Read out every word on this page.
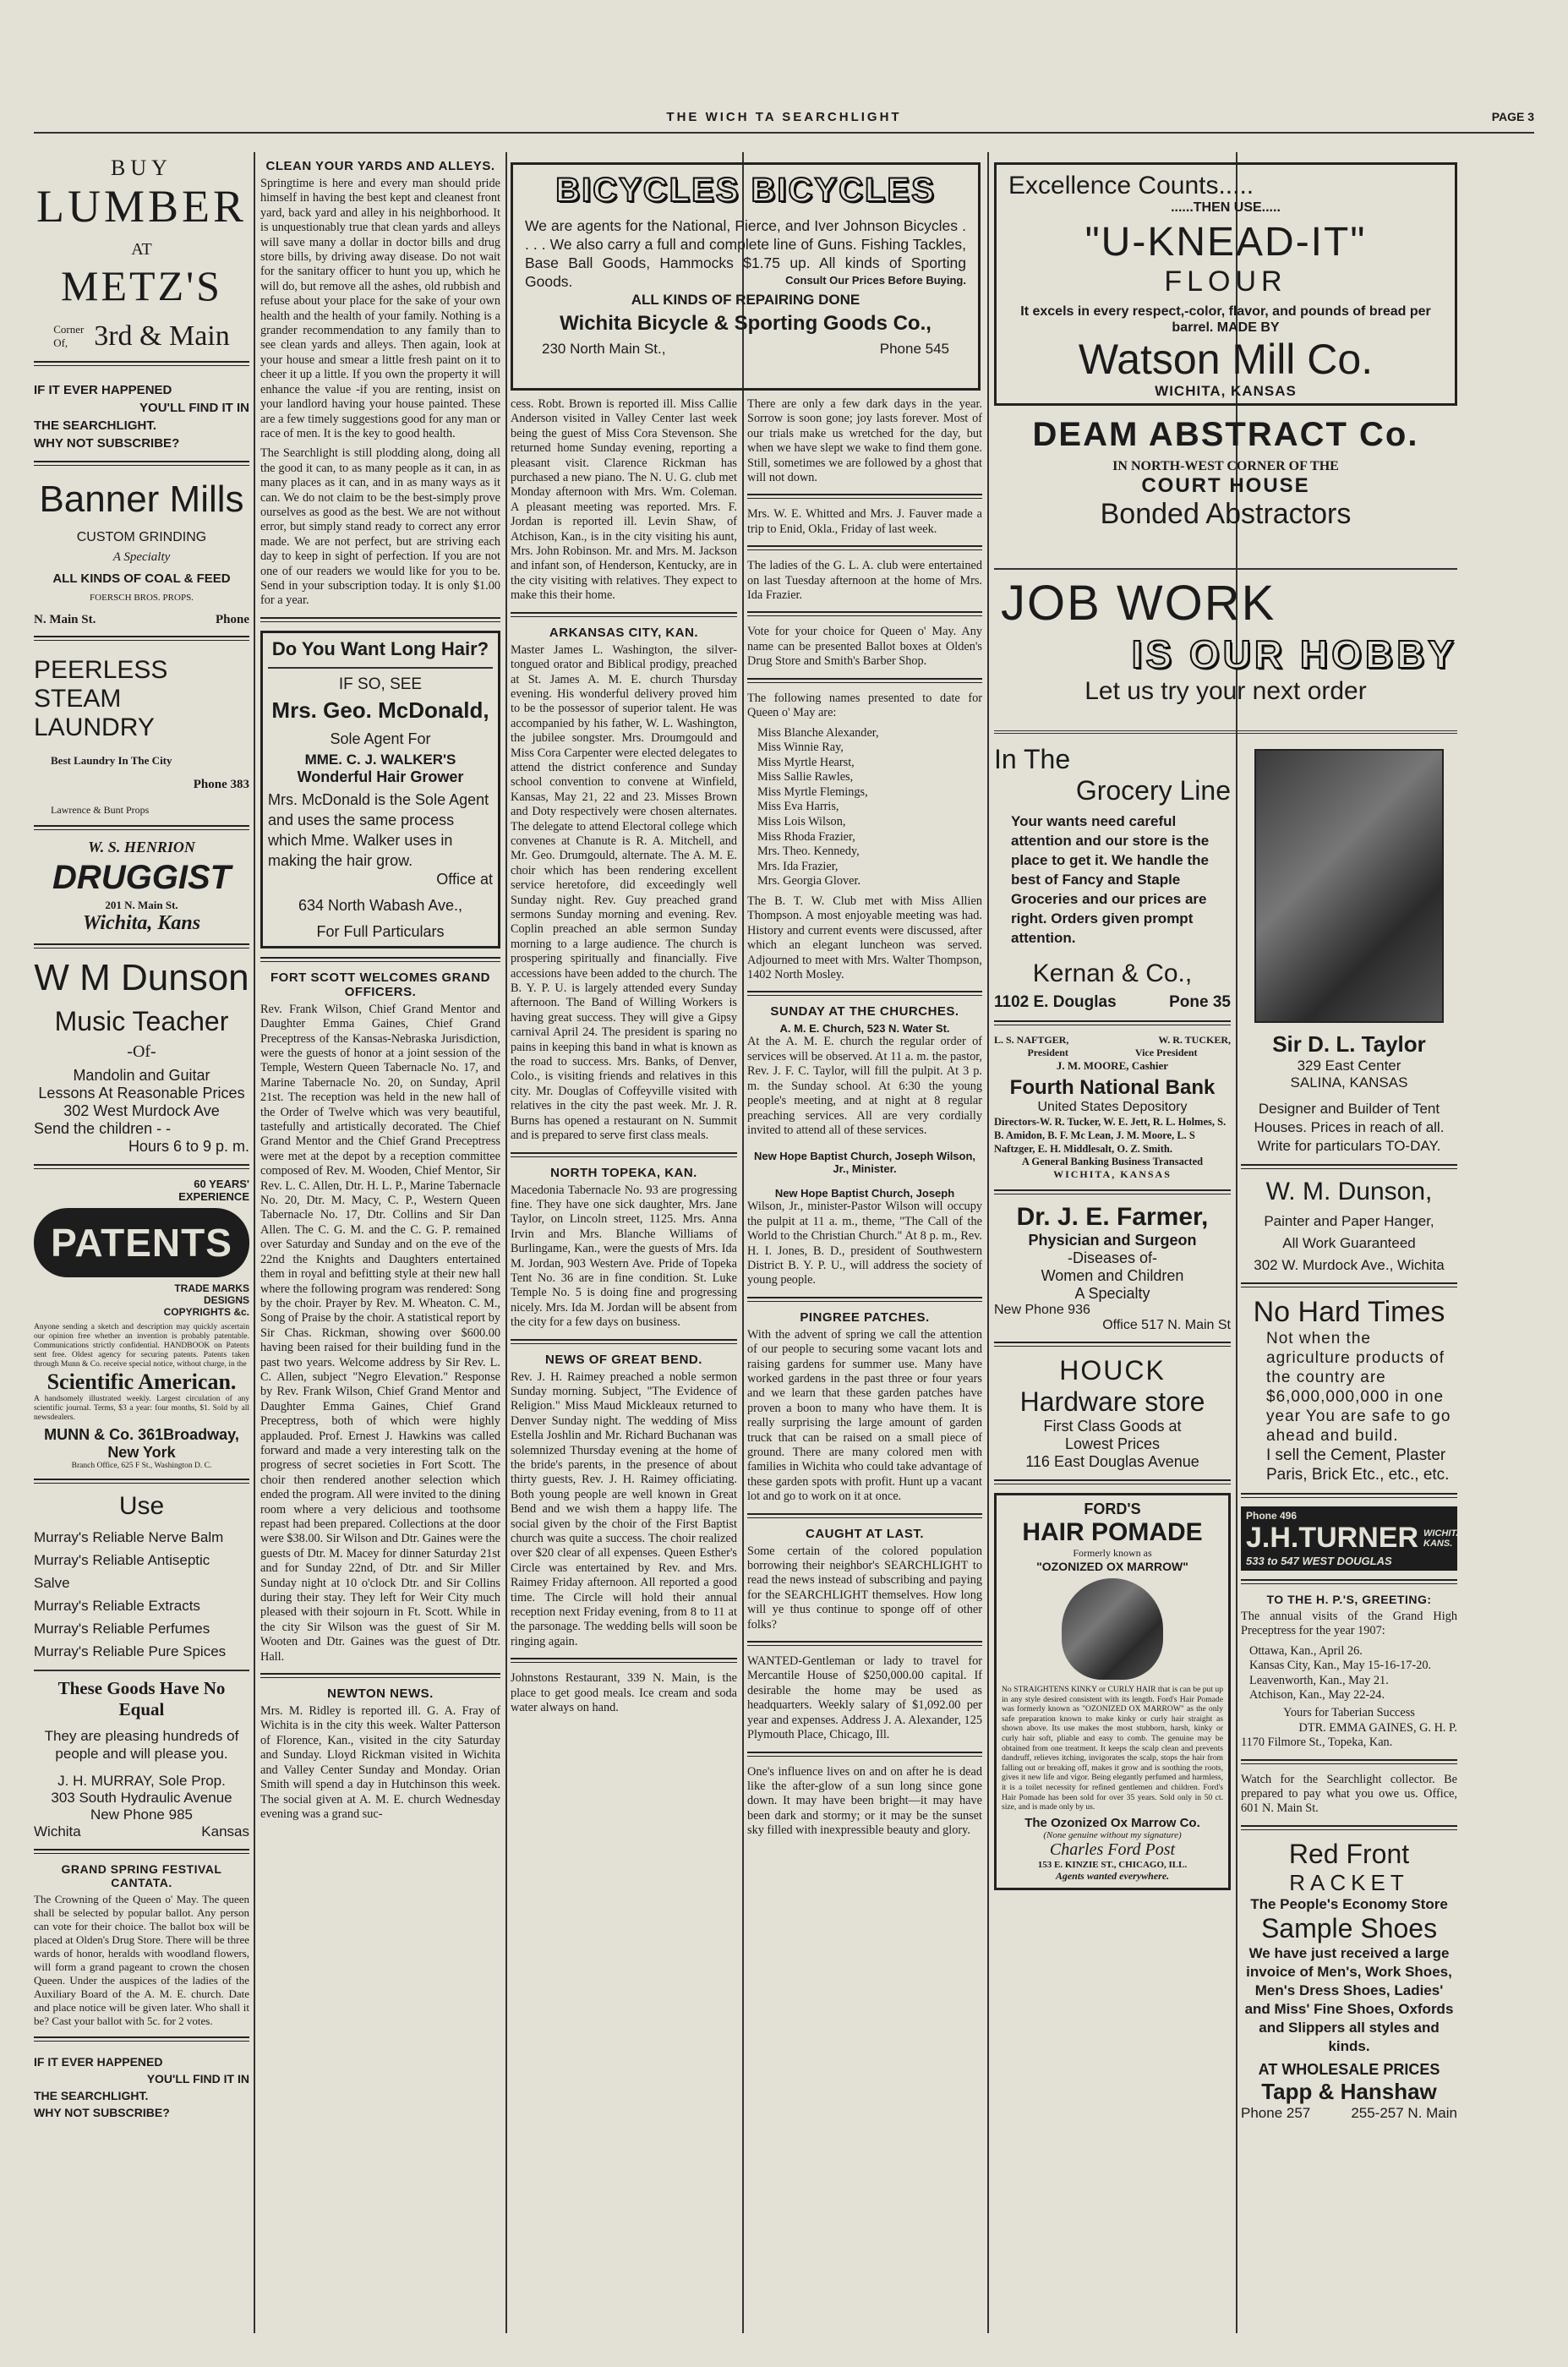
THE WICH TA SEARCHLIGHT	PAGE 3
BUY
LUMBER
AT
METZ'S
Corner Of, 3rd & Main
IF IT EVER HAPPENED
YOU'LL FIND IT IN
THE SEARCHLIGHT.
WHY NOT SUBSCRIBE?
Banner Mills
CUSTOM GRINDING
A Specialty
ALL KINDS OF COAL & FEED
FOERSCH BROS. PROPS.
N. Main St.	Phone
PEERLESS
STEAM
LAUNDRY
Best Laundry In The City
Phone 383
Lawrence & Bunt Props
W. S. HENRION
DRUGGIST
201 N. Main St.
Wichita, Kans
W M Dunson
Music Teacher
-Of-
Mandolin and Guitar
Lessons At Reasonable Prices
302 West Murdock Ave
Send the children - -
Hours 6 to 9 p. m.
60 YEARS' EXPERIENCE
PATENTS
TRADE MARKS DESIGNS COPYRIGHTS &c.
Anyone sending a sketch and description may quickly ascertain our opinion free whether an invention is probably patentable. Communications strictly confidential. HANDBOOK on Patents sent free. Oldest agency for securing patents. Patents taken through Munn & Co. receive special notice, without charge, in the
Scientific American.
A handsomely illustrated weekly. Largest circulation of any scientific journal. Terms, $3 a year: four months, $1. Sold by all newsdealers.
MUNN & Co. 361Broadway, New York
Branch Office, 625 F St., Washington D. C.
Use
Murray's Reliable Nerve Balm
Murray's Reliable Antiseptic Salve
Murray's Reliable Extracts
Murray's Reliable Perfumes
Murray's Reliable Pure Spices
These Goods Have No Equal
They are pleasing hundreds of people and will please you.
J. H. MURRAY, Sole Prop.
303 South Hydraulic Avenue
New Phone 985
Wichita	Kansas
GRAND SPRING FESTIVAL CANTATA.
The Crowning of the Queen o' May. The queen shall be selected by popular ballot. Any person can vote for their choice. The ballot box will be placed at Olden's Drug Store. There will be three wards of honor, heralds with woodland flowers, will form a grand pageant to crown the chosen Queen. Under the auspices of the ladies of the Auxiliary Board of the A. M. E. church. Date and place notice will be given later. Who shall it be? Cast your ballot with 5c. for 2 votes.
IF IT EVER HAPPENED
YOU'LL FIND IT IN
THE SEARCHLIGHT.
WHY NOT SUBSCRIBE?
CLEAN YOUR YARDS AND ALLEYS.
Springtime is here and every man should pride himself in having the best kept and cleanest front yard, back yard and alley in his neighborhood. It is unquestionably true that clean yards and alleys will save many a dollar in doctor bills and drug store bills, by driving away disease. Do not wait for the sanitary officer to hunt you up, which he will do, but remove all the ashes, old rubbish and refuse about your place for the sake of your own health and the health of your family. Nothing is a grander recommendation to any family than to see clean yards and alleys. Then again, look at your house and smear a little fresh paint on it to cheer it up a little. If you own the property it will enhance the value -if you are renting, insist on your landlord having your house painted. These are a few timely suggestions good for any man or race of men. It is the key to good health.
The Searchlight is still plodding along, doing all the good it can, to as many people as it can, in as many places as it can, and in as many ways as it can. We do not claim to be the best-simply prove ourselves as good as the best. We are not without error, but simply stand ready to correct any error made. We are not perfect, but are striving each day to keep in sight of perfection. If you are not one of our readers we would like for you to be. Send in your subscription today. It is only $1.00 for a year.
Do You Want Long Hair?
IF SO, SEE
Mrs. Geo. McDonald,
Sole Agent For
MME. C. J. WALKER'S
Wonderful Hair Grower
Mrs. McDonald is the Sole Agent and uses the same process which Mme. Walker uses in making the hair grow.
Office at
634 North Wabash Ave.,
For Full Particulars
FORT SCOTT WELCOMES GRAND OFFICERS.
Rev. Frank Wilson, Chief Grand Mentor and Daughter Emma Gaines, Chief Grand Preceptress of the Kansas-Nebraska Jurisdiction, were the guests of honor at a joint session of the Temple, Western Queen Tabernacle No. 17, and Marine Tabernacle No. 20, on Sunday, April 21st. The reception was held in the new hall of the Order of Twelve which was very beautiful, tastefully and artistically decorated. The Chief Grand Mentor and the Chief Grand Preceptress were met at the depot by a reception committee composed of Rev. M. Wooden, Chief Mentor, Sir Rev. L. C. Allen, Dtr. H. L. P., Marine Tabernacle No. 20, Dtr. M. Macy, C. P., Western Queen Tabernacle No. 17, Dtr. Collins and Sir Dan Allen. The C. G. M. and the C. G. P. remained over Saturday and Sunday and on the eve of the 22nd the Knights and Daughters entertained them in royal and befitting style at their new hall where the following program was rendered: Song by the choir. Prayer by Rev. M. Wheaton. C. M., Song of Praise by the choir. A statistical report by Sir Chas. Rickman, showing over $600.00 having been raised for their building fund in the past two years. Welcome address by Sir Rev. L. C. Allen, subject "Negro Elevation." Response by Rev. Frank Wilson, Chief Grand Mentor and Daughter Emma Gaines, Chief Grand Preceptress, both of which were highly applauded. Prof. Ernest J. Hawkins was called forward and made a very interesting talk on the progress of secret societies in Fort Scott. The choir then rendered another selection which ended the program. All were invited to the dining room where a very delicious and toothsome repast had been prepared. Collections at the door were $38.00. Sir Wilson and Dtr. Gaines were the guests of Dtr. M. Macey for dinner Saturday 21st and for Sunday 22nd, of Dtr. and Sir Miller Sunday night at 10 o'clock Dtr. and Sir Collins during their stay. They left for Weir City much pleased with their sojourn in Ft. Scott. While in the city Sir Wilson was the guest of Sir M. Wooten and Dtr. Gaines was the guest of Dtr. Hall.
NEWTON NEWS.
Mrs. M. Ridley is reported ill. G. A. Fray of Wichita is in the city this week. Walter Patterson of Florence, Kan., visited in the city Saturday and Sunday. Lloyd Rickman visited in Wichita and Valley Center Sunday and Monday. Orian Smith will spend a day in Hutchinson this week. The social given at A. M. E. church Wednesday evening was a grand suc-
BICYCLES BICYCLES
We are agents for the National, Pierce, and Iver Johnson Bicycles . . . . We also carry a full and complete line of Guns. Fishing Tackles, Base Ball Goods, Hammocks $1.75 up. All kinds of Sporting Goods.	Consult Our Prices Before Buying.
ALL KINDS OF REPAIRING DONE
Wichita Bicycle & Sporting Goods Co.,
230 North Main St.,	Phone 545
cess. Robt. Brown is reported ill. Miss Callie Anderson visited in Valley Center last week being the guest of Miss Cora Stevenson. She returned home Sunday evening, reporting a pleasant visit. Clarence Rickman has purchased a new piano. The N. U. G. club met Monday afternoon with Mrs. Wm. Coleman. A pleasant meeting was reported. Mrs. F. Jordan is reported ill. Levin Shaw, of Atchison, Kan., is in the city visiting his aunt, Mrs. John Robinson. Mr. and Mrs. M. Jackson and infant son, of Henderson, Kentucky, are in the city visiting with relatives. They expect to make this their home.
ARKANSAS CITY, KAN.
Master James L. Washington, the silver-tongued orator and Biblical prodigy, preached at St. James A. M. E. church Thursday evening. His wonderful delivery proved him to be the possessor of superior talent. He was accompanied by his father, W. L. Washington, the jubilee songster. Mrs. Droumgould and Miss Cora Carpenter were elected delegates to attend the district conference and Sunday school convention to convene at Winfield, Kansas, May 21, 22 and 23. Misses Brown and Doty respectively were chosen alternates. The delegate to attend Electoral college which convenes at Chanute is R. A. Mitchell, and Mr. Geo. Drumgould, alternate. The A. M. E. choir which has been rendering excellent service heretofore, did exceedingly well Sunday night. Rev. Guy preached grand sermons Sunday morning and evening. Rev. Coplin preached an able sermon Sunday morning to a large audience. The church is prospering spiritually and financially. Five accessions have been added to the church. The B. Y. P. U. is largely attended every Sunday afternoon. The Band of Willing Workers is having great success. They will give a Gipsy carnival April 24. The president is sparing no pains in keeping this band in what is known as the road to success. Mrs. Banks, of Denver, Colo., is visiting friends and relatives in this city. Mr. Douglas of Coffeyville visited with relatives in the city the past week. Mr. J. R. Burns has opened a restaurant on N. Summit and is prepared to serve first class meals.
NORTH TOPEKA, KAN.
Macedonia Tabernacle No. 93 are progressing fine. They have one sick daughter, Mrs. Jane Taylor, on Lincoln street, 1125. Mrs. Anna Irvin and Mrs. Blanche Williams of Burlingame, Kan., were the guests of Mrs. Ida M. Jordan, 903 Western Ave. Pride of Topeka Tent No. 36 are in fine condition. St. Luke Temple No. 5 is doing fine and progressing nicely. Mrs. Ida M. Jordan will be absent from the city for a few days on business.
NEWS OF GREAT BEND.
Rev. J. H. Raimey preached a noble sermon Sunday morning. Subject, "The Evidence of Religion." Miss Maud Mickleaux returned to Denver Sunday night. The wedding of Miss Estella Joshlin and Mr. Richard Buchanan was solemnized Thursday evening at the home of the bride's parents, in the presence of about thirty guests, Rev. J. H. Raimey officiating. Both young people are well known in Great Bend and we wish them a happy life. The social given by the choir of the First Baptist church was quite a success. The choir realized over $20 clear of all expenses. Queen Esther's Circle was entertained by Rev. and Mrs. Raimey Friday afternoon. All reported a good time. The Circle will hold their annual reception next Friday evening, from 8 to 11 at the parsonage. The wedding bells will soon be ringing again.
Johnstons Restaurant, 339 N. Main, is the place to get good meals. Ice cream and soda water always on hand.
There are only a few dark days in the year. Sorrow is soon gone; joy lasts forever. Most of our trials make us wretched for the day, but when we have slept we wake to find them gone. Still, sometimes we are followed by a ghost that will not down.
Mrs. W. E. Whitted and Mrs. J. Fauver made a trip to Enid, Okla., Friday of last week.
The ladies of the G. L. A. club were entertained on last Tuesday afternoon at the home of Mrs. Ida Frazier.
Vote for your choice for Queen o' May. Any name can be presented Ballot boxes at Olden's Drug Store and Smith's Barber Shop.
The following names presented to date for Queen o' May are:
Miss Blanche Alexander,
Miss Winnie Ray,
Miss Myrtle Hearst,
Miss Sallie Rawles,
Miss Myrtle Flemings,
Miss Eva Harris,
Miss Lois Wilson,
Miss Rhoda Frazier,
Mrs. Theo. Kennedy,
Mrs. Ida Frazier,
Mrs. Georgia Glover.
The B. T. W. Club met with Miss Allien Thompson. A most enjoyable meeting was had. History and current events were discussed, after which an elegant luncheon was served. Adjourned to meet with Mrs. Walter Thompson, 1402 North Mosley.
SUNDAY AT THE CHURCHES.
A. M. E. Church, 523 N. Water St.
At the A. M. E. church the regular order of services will be observed. At 11 a. m. the pastor, Rev. J. F. C. Taylor, will fill the pulpit. At 3 p. m. the Sunday school. At 6:30 the young people's meeting, and at night at 8 regular preaching services. All are very cordially invited to attend all of these services.
New Hope Baptist Church, Joseph Wilson, Jr., Minister.
New Hope Baptist Church, Joseph
Wilson, Jr., minister-Pastor Wilson will occupy the pulpit at 11 a. m., theme, "The Call of the World to the Christian Church." At 8 p. m., Rev. H. I. Jones, B. D., president of Southwestern District B. Y. P. U., will address the society of young people.
PINGREE PATCHES.
With the advent of spring we call the attention of our people to securing some vacant lots and raising gardens for summer use. Many have worked gardens in the past three or four years and we learn that these garden patches have proven a boon to many who have them. It is really surprising the large amount of garden truck that can be raised on a small piece of ground. There are many colored men with families in Wichita who could take advantage of these garden spots with profit. Hunt up a vacant lot and go to work on it at once.
CAUGHT AT LAST.
Some certain of the colored population borrowing their neighbor's SEARCHLIGHT to read the news instead of subscribing and paying for the SEARCHLIGHT themselves. How long will ye thus continue to sponge off of other folks?
WANTED-Gentleman or lady to travel for Mercantile House of $250,000.00 capital. If desirable the home may be used as headquarters. Weekly salary of $1,092.00 per year and expenses. Address J. A. Alexander, 125 Plymouth Place, Chicago, Ill.
One's influence lives on and on after he is dead like the after-glow of a sun long since gone down. It may have been bright—it may have been dark and stormy; or it may be the sunset sky filled with inexpressible beauty and glory.
Excellence Counts.....
......THEN USE.....
"U-KNEAD-IT"
FLOUR
It excels in every respect,-color, flavor, and pounds of bread per barrel. MADE BY
Watson Mill Co.
WICHITA, KANSAS
DEAM ABSTRACT Co.
IN NORTH-WEST CORNER OF THE
COURT HOUSE
Bonded Abstractors
JOB WORK
IS OUR HOBBY
Let us try your next order
In The
Grocery Line
Your wants need careful attention and our store is the place to get it. We handle the best of Fancy and Staple Groceries and our prices are right. Orders given prompt attention.
Kernan & Co.,
1102 E. Douglas	Pone 35
L. S. NAFTGER,	W. R. TUCKER,
President	Vice President
J. M. MOORE, Cashier
Fourth National Bank
United States Depository
Directors-W. R. Tucker, W. E. Jett, R. L. Holmes, S. B. Amidon, B. F. Mc Lean, J. M. Moore, L. S Naftzger, E. H. Middlesalt, O. Z. Smith.
A General Banking Business Transacted
WICHITA, KANSAS
Dr. J. E. Farmer,
Physician and Surgeon
-Diseases of-
Women and Children
A Specialty
New Phone 936
Office 517 N. Main St
HOUCK
Hardware store
First Class Goods at
Lowest Prices
116 East Douglas Avenue
FORD'S
HAIR POMADE
Formerly known as
"OZONIZED OX MARROW"
No STRAIGHTENS KINKY or CURLY HAIR that is can be put up in any style desired consistent with its length. Ford's Hair Pomade was formerly known as "OZONIZED OX MARROW" as the only safe preparation known to make kinky or curly hair straight as shown above. Its use makes the most stubborn, harsh, kinky or curly hair soft, pliable and easy to comb. The genuine may be obtained from one treatment. It keeps the scalp clean and prevents dandruff, relieves itching, invigorates the scalp, stops the hair from falling out or breaking off, makes it grow and is soothing the roots, gives it new life and vigor. Being elegantly perfumed and harmless, it is a toilet necessity for refined gentlemen and children. Ford's Hair Pomade has been sold for over 35 years. Sold only in 50 ct. size, and is made only by us.
The Ozonized Ox Marrow Co.
(None genuine without my signature)
Charles Ford Post
153 E. KINZIE ST., CHICAGO, ILL.
Agents wanted everywhere.
Sir D. L. Taylor
329 East Center
SALINA, KANSAS
Designer and Builder of Tent Houses. Prices in reach of all. Write for particulars TO-DAY.
W. M. Dunson,
Painter and Paper Hanger,
All Work Guaranteed
302 W. Murdock Ave., Wichita
No Hard Times
Not when the agriculture products of the country are $6,000,000,000 in one year You are safe to go ahead and build.
I sell the Cement, Plaster Paris, Brick Etc., etc., etc.
Phone 496
J.H.TURNER WICHITA, KANS.
533 to 547 WEST DOUGLAS
TO THE H. P.'S, GREETING:
The annual visits of the Grand High Preceptress for the year 1907:
Ottawa, Kan., April 26.
Kansas City, Kan., May 15-16-17-20.
Leavenworth, Kan., May 21.
Atchison, Kan., May 22-24.
Yours for Taberian Success
DTR. EMMA GAINES, G. H. P.
1170 Filmore St., Topeka, Kan.
Watch for the Searchlight collector. Be prepared to pay what you owe us. Office, 601 N. Main St.
Red Front
RACKET
The People's Economy Store
Sample Shoes
We have just received a large invoice of Men's, Work Shoes, Men's Dress Shoes, Ladies' and Miss' Fine Shoes, Oxfords and Slippers all styles and kinds.
AT WHOLESALE PRICES
Tapp & Hanshaw
Phone 257	255-257 N. Main
